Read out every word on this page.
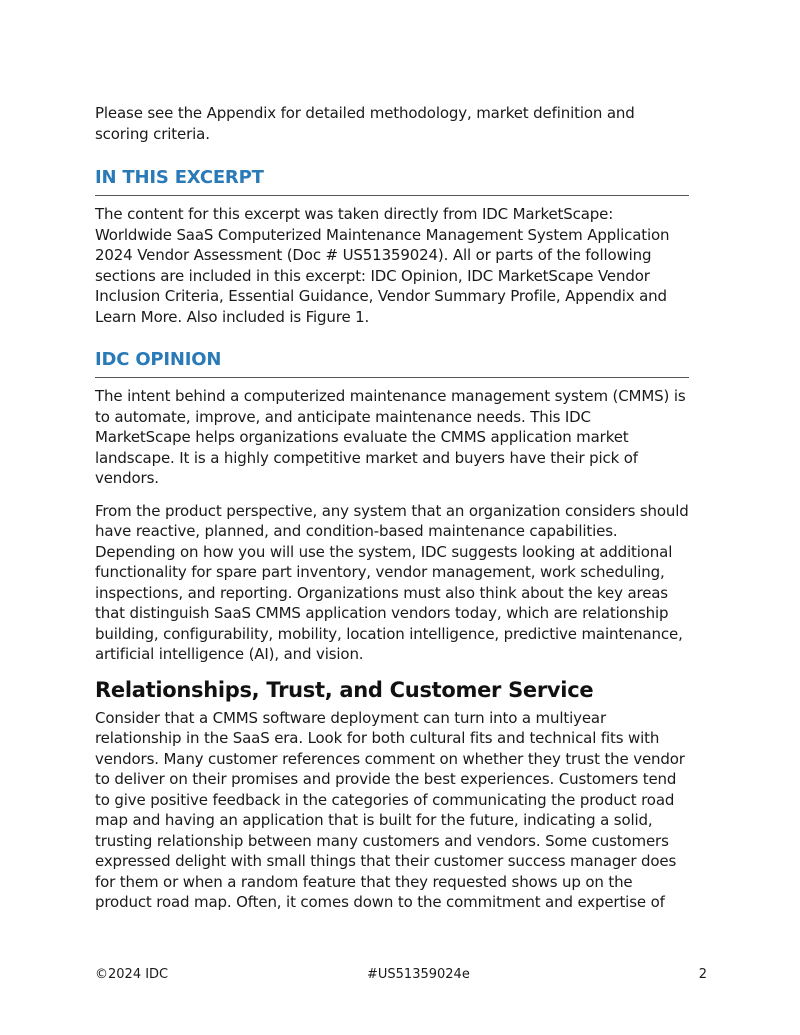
Please see the Appendix for detailed methodology, market definition and scoring criteria.

IN THIS EXCERPT

The content for this excerpt was taken directly from IDC MarketScape: Worldwide SaaS Computerized Maintenance Management System Application 2024 Vendor Assessment (Doc # US51359024). All or parts of the following sections are included in this excerpt: IDC Opinion, IDC MarketScape Vendor Inclusion Criteria, Essential Guidance, Vendor Summary Profile, Appendix and Learn More. Also included is Figure 1.

IDC OPINION

The intent behind a computerized maintenance management system (CMMS) is to automate, improve, and anticipate maintenance needs. This IDC MarketScape helps organizations evaluate the CMMS application market landscape. It is a highly competitive market and buyers have their pick of vendors.

From the product perspective, any system that an organization considers should have reactive, planned, and condition-based maintenance capabilities. Depending on how you will use the system, IDC suggests looking at additional functionality for spare part inventory, vendor management, work scheduling, inspections, and reporting. Organizations must also think about the key areas that distinguish SaaS CMMS application vendors today, which are relationship building, configurability, mobility, location intelligence, predictive maintenance, artificial intelligence (AI), and vision.

Relationships, Trust, and Customer Service

Consider that a CMMS software deployment can turn into a multiyear relationship in the SaaS era. Look for both cultural fits and technical fits with vendors. Many customer references comment on whether they trust the vendor to deliver on their promises and provide the best experiences. Customers tend to give positive feedback in the categories of communicating the product road map and having an application that is built for the future, indicating a solid, trusting relationship between many customers and vendors. Some customers expressed delight with small things that their customer success manager does for them or when a random feature that they requested shows up on the product road map. Often, it comes down to the commitment and expertise of

©2024 IDC	#US51359024e	2
